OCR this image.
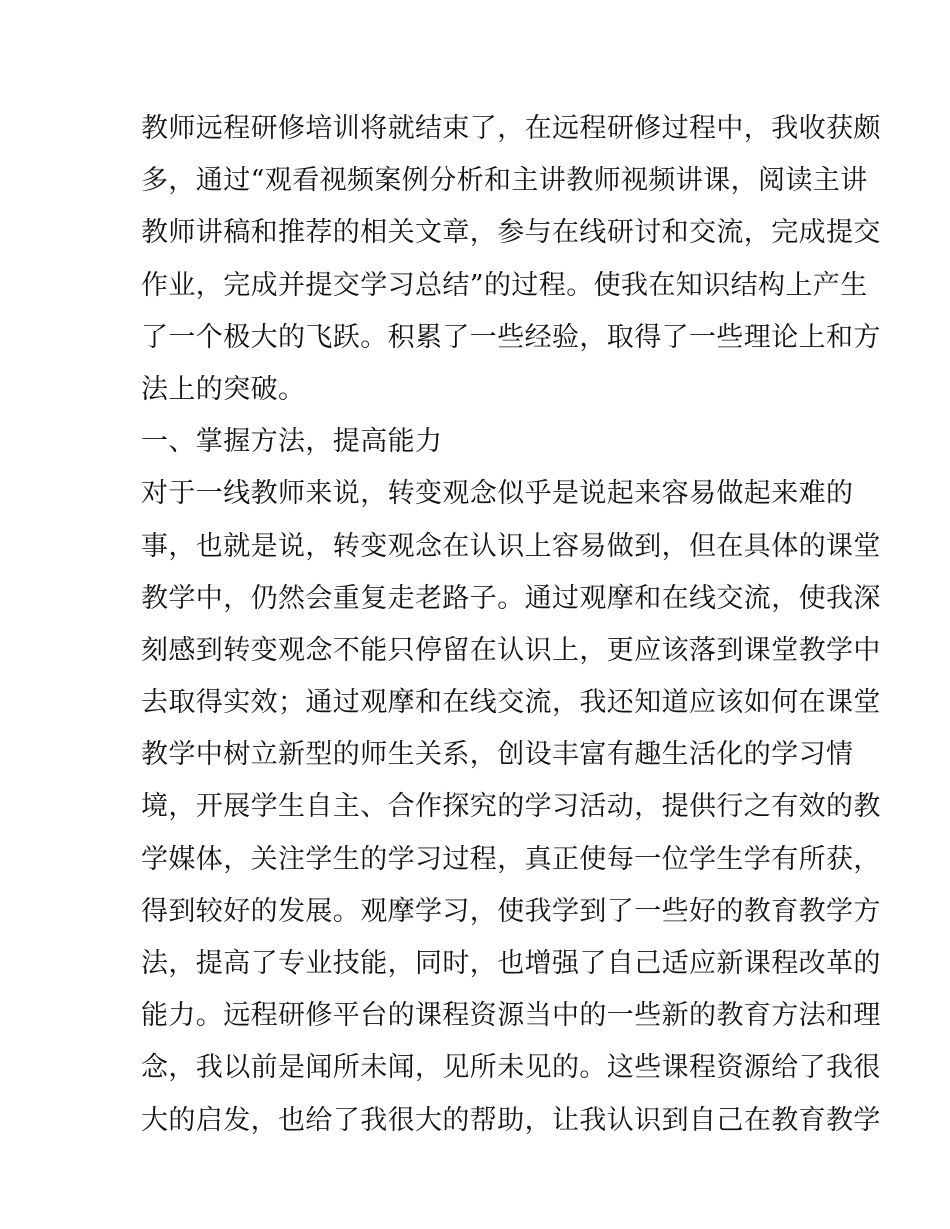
教师远程研修培训将就结束了，在远程研修过程中，我收获颇
多，通过“观看视频案例分析和主讲教师视频讲课，阅读主讲
教师讲稿和推荐的相关文章，参与在线研讨和交流，完成提交
作业，完成并提交学习总结”的过程。使我在知识结构上产生
了一个极大的飞跃。积累了一些经验，取得了一些理论上和方
法上的突破。
一、掌握方法，提高能力
对于一线教师来说，转变观念似乎是说起来容易做起来难的
事，也就是说，转变观念在认识上容易做到，但在具体的课堂
教学中，仍然会重复走老路子。通过观摩和在线交流，使我深
刻感到转变观念不能只停留在认识上，更应该落到课堂教学中
去取得实效；通过观摩和在线交流，我还知道应该如何在课堂
教学中树立新型的师生关系，创设丰富有趣生活化的学习情
境，开展学生自主、合作探究的学习活动，提供行之有效的教
学媒体，关注学生的学习过程，真正使每一位学生学有所获，
得到较好的发展。观摩学习，使我学到了一些好的教育教学方
法，提高了专业技能，同时，也增强了自己适应新课程改革的
能力。远程研修平台的课程资源当中的一些新的教育方法和理
念，我以前是闻所未闻，见所未见的。这些课程资源给了我很
大的启发，也给了我很大的帮助，让我认识到自己在教育教学
